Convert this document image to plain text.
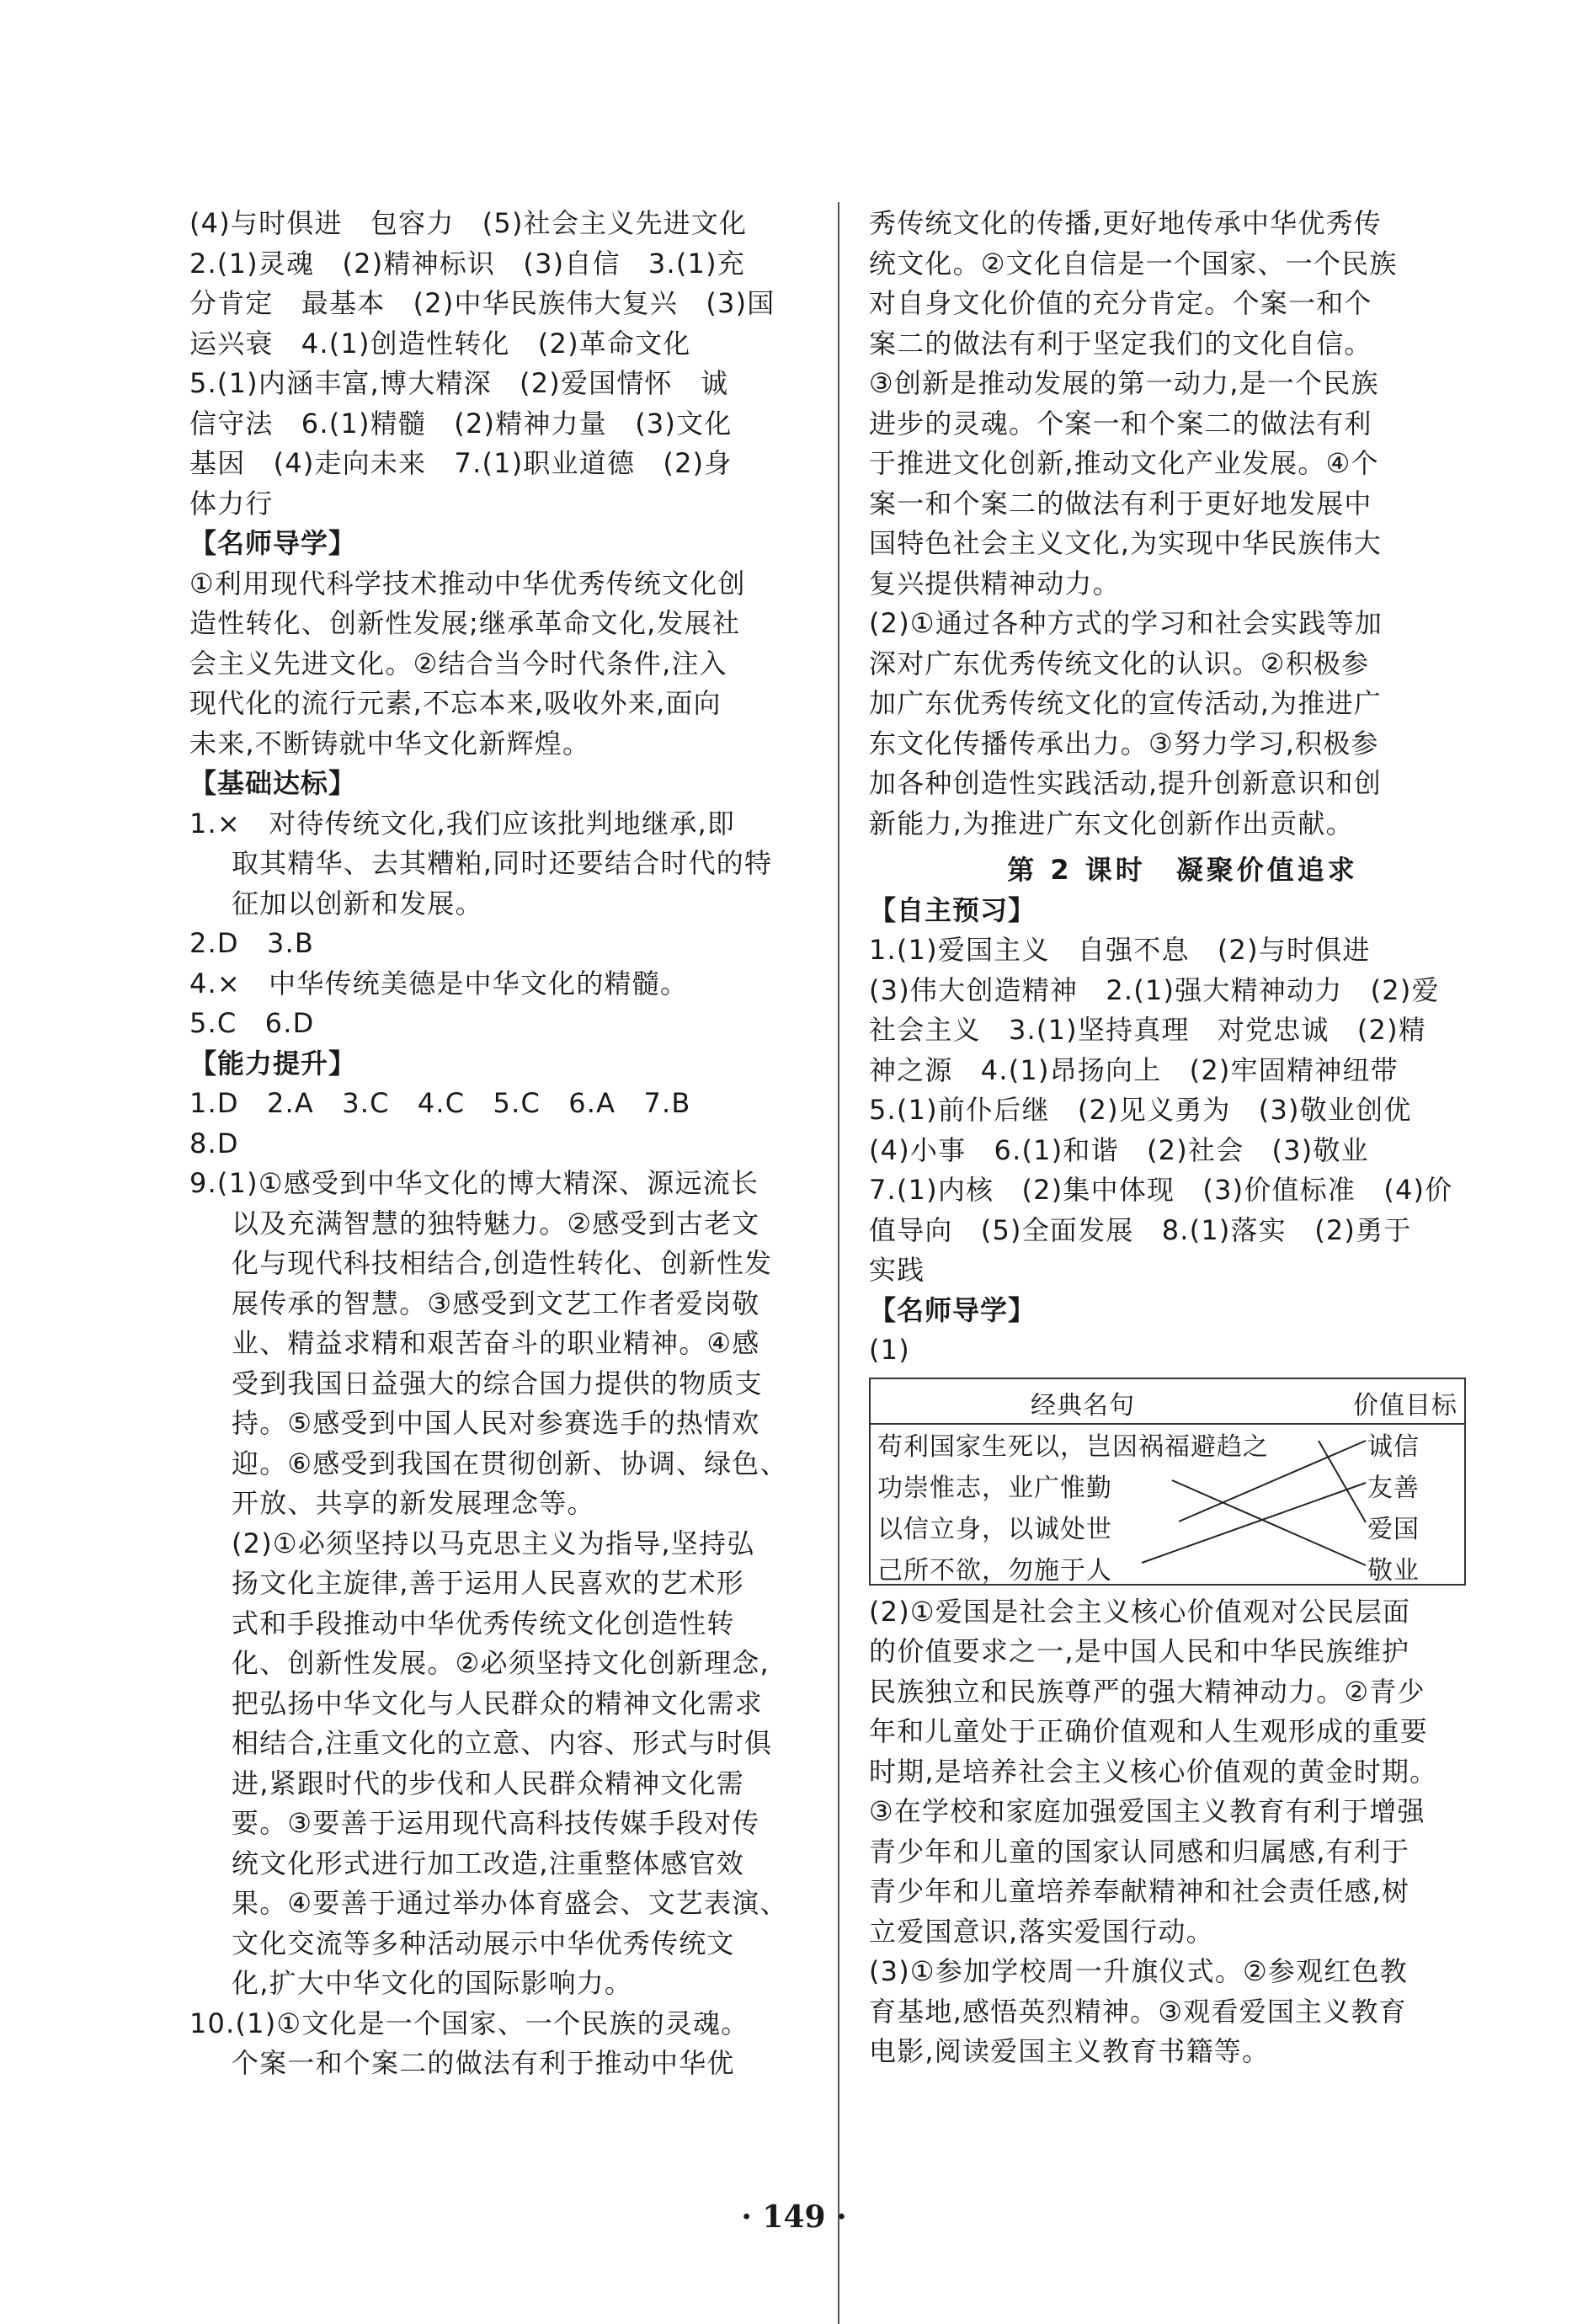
(4)与时俱进　包容力　(5)社会主义先进文化
2.(1)灵魂　(2)精神标识　(3)自信　3.(1)充
分肯定　最基本　(2)中华民族伟大复兴　(3)国
运兴衰　4.(1)创造性转化　(2)革命文化
5.(1)内涵丰富,博大精深　(2)爱国情怀　诚
信守法　6.(1)精髓　(2)精神力量　(3)文化
基因　(4)走向未来　7.(1)职业道德　(2)身
体力行
【名师导学】
①利用现代科学技术推动中华优秀传统文化创
造性转化、创新性发展;继承革命文化,发展社
会主义先进文化。②结合当今时代条件,注入
现代化的流行元素,不忘本来,吸收外来,面向
未来,不断铸就中华文化新辉煌。
【基础达标】
1.×　对待传统文化,我们应该批判地继承,即
取其精华、去其糟粕,同时还要结合时代的特
征加以创新和发展。
2.D　3.B
4.×　中华传统美德是中华文化的精髓。
5.C　6.D
【能力提升】
1.D　2.A　3.C　4.C　5.C　6.A　7.B
8.D
9.(1)①感受到中华文化的博大精深、源远流长
以及充满智慧的独特魅力。②感受到古老文
化与现代科技相结合,创造性转化、创新性发
展传承的智慧。③感受到文艺工作者爱岗敬
业、精益求精和艰苦奋斗的职业精神。④感
受到我国日益强大的综合国力提供的物质支
持。⑤感受到中国人民对参赛选手的热情欢
迎。⑥感受到我国在贯彻创新、协调、绿色、
开放、共享的新发展理念等。
(2)①必须坚持以马克思主义为指导,坚持弘
扬文化主旋律,善于运用人民喜欢的艺术形
式和手段推动中华优秀传统文化创造性转
化、创新性发展。②必须坚持文化创新理念,
把弘扬中华文化与人民群众的精神文化需求
相结合,注重文化的立意、内容、形式与时俱
进,紧跟时代的步伐和人民群众精神文化需
要。③要善于运用现代高科技传媒手段对传
统文化形式进行加工改造,注重整体感官效
果。④要善于通过举办体育盛会、文艺表演、
文化交流等多种活动展示中华优秀传统文
化,扩大中华文化的国际影响力。
10.(1)①文化是一个国家、一个民族的灵魂。
个案一和个案二的做法有利于推动中华优
秀传统文化的传播,更好地传承中华优秀传
统文化。②文化自信是一个国家、一个民族
对自身文化价值的充分肯定。个案一和个
案二的做法有利于坚定我们的文化自信。
③创新是推动发展的第一动力,是一个民族
进步的灵魂。个案一和个案二的做法有利
于推进文化创新,推动文化产业发展。④个
案一和个案二的做法有利于更好地发展中
国特色社会主义文化,为实现中华民族伟大
复兴提供精神动力。
(2)①通过各种方式的学习和社会实践等加
深对广东优秀传统文化的认识。②积极参
加广东优秀传统文化的宣传活动,为推进广
东文化传播传承出力。③努力学习,积极参
加各种创造性实践活动,提升创新意识和创
新能力,为推进广东文化创新作出贡献。
第 2 课时　凝聚价值追求
【自主预习】
1.(1)爱国主义　自强不息　(2)与时俱进
(3)伟大创造精神　2.(1)强大精神动力　(2)爱
社会主义　3.(1)坚持真理　对党忠诚　(2)精
神之源　4.(1)昂扬向上　(2)牢固精神纽带
5.(1)前仆后继　(2)见义勇为　(3)敬业创优
(4)小事　6.(1)和谐　(2)社会　(3)敬业
7.(1)内核　(2)集中体现　(3)价值标准　(4)价
值导向　(5)全面发展　8.(1)落实　(2)勇于
实践
【名师导学】
(1)
经典名句	价值目标
苟利国家生死以，岂因祸福避趋之
功崇惟志，业广惟勤
以信立身，以诚处世
己所不欲，勿施于人
诚信
友善
爱国
敬业
(2)①爱国是社会主义核心价值观对公民层面
的价值要求之一,是中国人民和中华民族维护
民族独立和民族尊严的强大精神动力。②青少
年和儿童处于正确价值观和人生观形成的重要
时期,是培养社会主义核心价值观的黄金时期。
③在学校和家庭加强爱国主义教育有利于增强
青少年和儿童的国家认同感和归属感,有利于
青少年和儿童培养奉献精神和社会责任感,树
立爱国意识,落实爱国行动。
(3)①参加学校周一升旗仪式。②参观红色教
育基地,感悟英烈精神。③观看爱国主义教育
电影,阅读爱国主义教育书籍等。
· 149 ·
